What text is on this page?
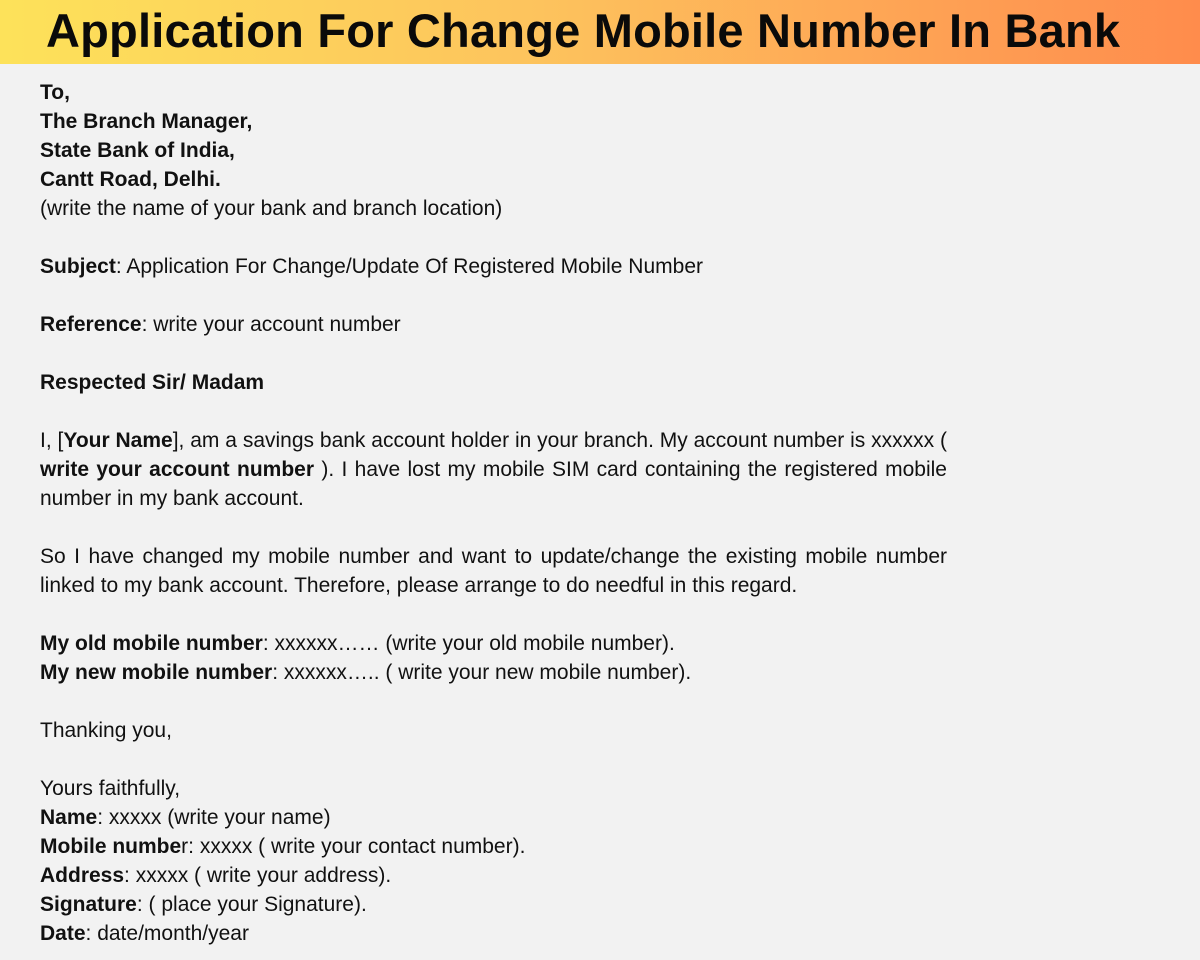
Application For Change Mobile Number In Bank
To,
The Branch Manager,
State Bank of India,
Cantt Road, Delhi.
(write the name of your bank and branch location)
Subject: Application For Change/Update Of Registered Mobile Number
Reference: write your account number
Respected Sir/ Madam
I, [Your Name], am a savings bank account holder in your branch. My account number is xxxxxx ( write your account number ). I have lost my mobile SIM card containing the registered mobile number in my bank account.
So I have changed my mobile number and want to update/change the existing mobile number linked to my bank account. Therefore, please arrange to do needful in this regard.
My old mobile number: xxxxxx…… (write your old mobile number).
My new mobile number: xxxxxx….. ( write your new mobile number).
Thanking you,
Yours faithfully,
Name: xxxxx (write your name)
Mobile number: xxxxx ( write your contact number).
Address: xxxxx ( write your address).
Signature: ( place your Signature).
Date: date/month/year
